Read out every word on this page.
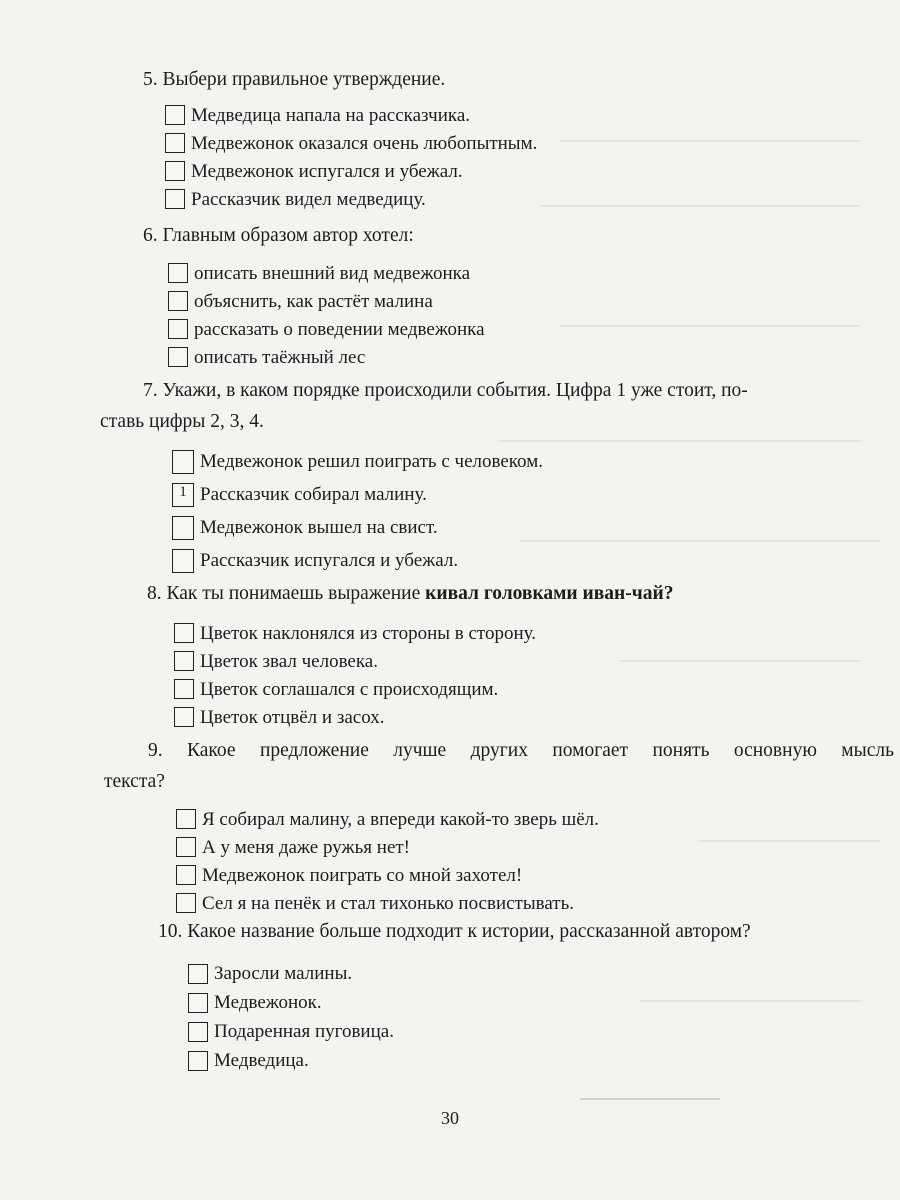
5. Выбери правильное утверждение.

Медведица напала на рассказчика.
Медвежонок оказался очень любопытным.
Медвежонок испугался и убежал.
Рассказчик видел медведицу.

6. Главным образом автор хотел:

описать внешний вид медвежонка
объяснить, как растёт малина
рассказать о поведении медвежонка
описать таёжный лес

7. Укажи, в каком порядке происходили события. Цифра 1 уже стоит, по-

ставь цифры 2, 3, 4.

Медвежонок решил поиграть с человеком.
1 Рассказчик собирал малину.
Медвежонок вышел на свист.
Рассказчик испугался и убежал.

8. Как ты понимаешь выражение кивал головками иван-чай?

Цветок наклонялся из стороны в сторону.
Цветок звал человека.
Цветок соглашался с происходящим.
Цветок отцвёл и засох.

9. Какое предложение лучше других помогает понять основную мысль

текста?

Я собирал малину, а впереди какой-то зверь шёл.
А у меня даже ружья нет!
Медвежонок поиграть со мной захотел!
Сел я на пенёк и стал тихонько посвистывать.

10. Какое название больше подходит к истории, рассказанной автором?

Заросли малины.
Медвежонок.
Подаренная пуговица.
Медведица.
30
